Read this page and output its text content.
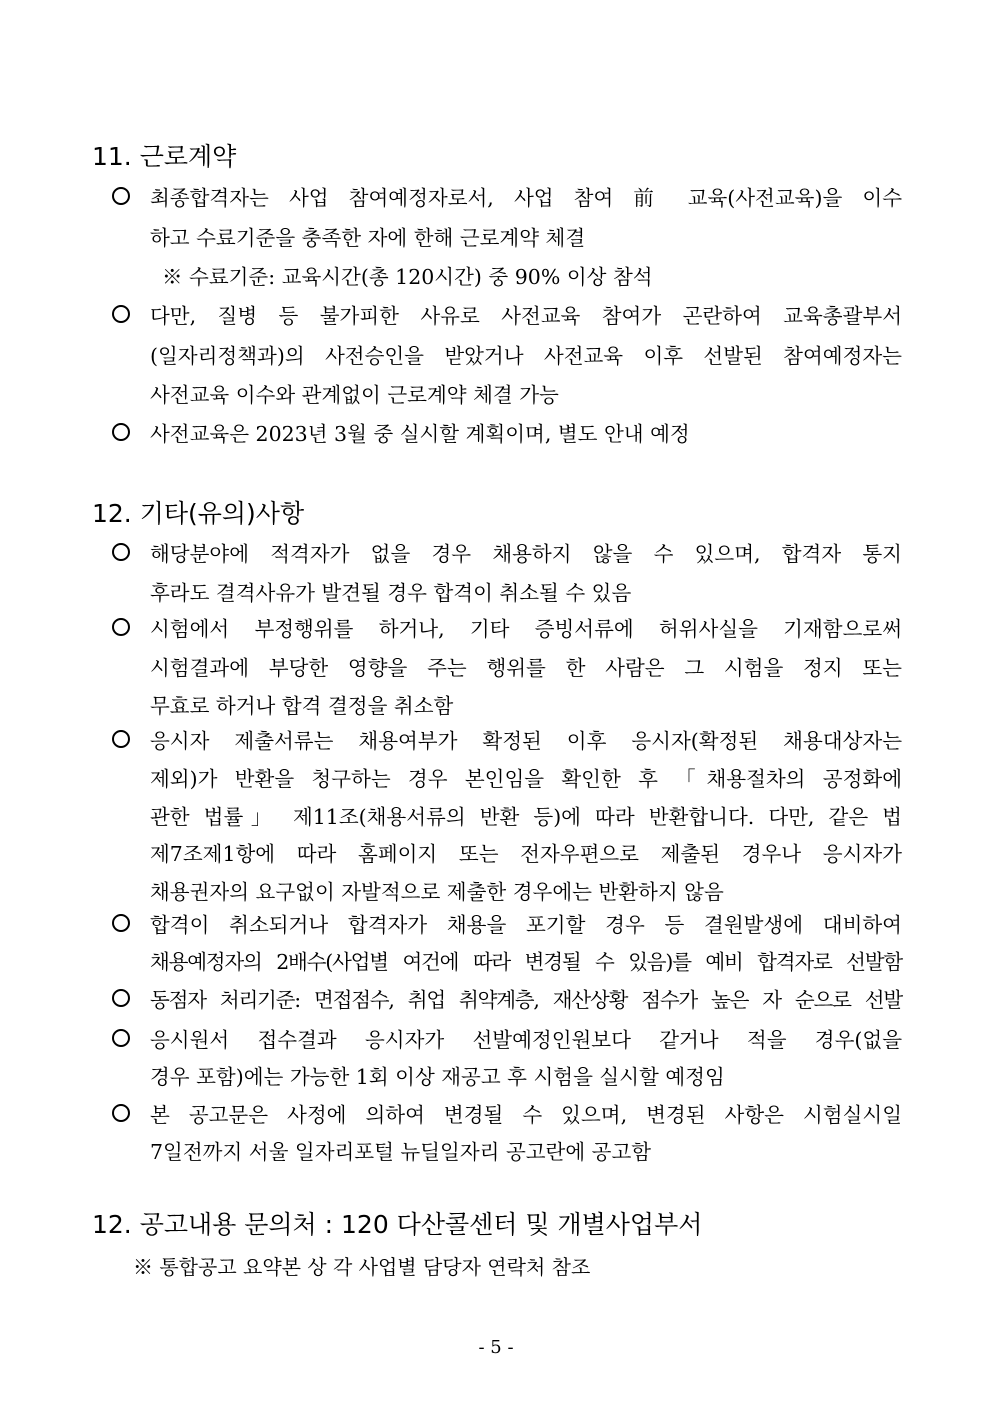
11. 근로계약
최종합격자는 사업 참여예정자로서, 사업 참여 前 교육(사전교육)을 이수
하고 수료기준을 충족한 자에 한해 근로계약 체결
※ 수료기준: 교육시간(총 120시간) 중 90% 이상 참석
다만, 질병 등 불가피한 사유로 사전교육 참여가 곤란하여 교육총괄부서
(일자리정책과)의 사전승인을 받았거나 사전교육 이후 선발된 참여예정자는
사전교육 이수와 관계없이 근로계약 체결 가능
사전교육은 2023년 3월 중 실시할 계획이며, 별도 안내 예정
12. 기타(유의)사항
해당분야에 적격자가 없을 경우 채용하지 않을 수 있으며, 합격자 통지
후라도 결격사유가 발견될 경우 합격이 취소될 수 있음
시험에서 부정행위를 하거나, 기타 증빙서류에 허위사실을 기재함으로써
시험결과에 부당한 영향을 주는 행위를 한 사람은 그 시험을 정지 또는
무효로 하거나 합격 결정을 취소함
응시자 제출서류는 채용여부가 확정된 이후 응시자(확정된 채용대상자는
제외)가 반환을 청구하는 경우 본인임을 확인한 후 「채용절차의 공정화에
관한 법률」 제11조(채용서류의 반환 등)에 따라 반환합니다. 다만, 같은 법
제7조제1항에 따라 홈페이지 또는 전자우편으로 제출된 경우나 응시자가
채용권자의 요구없이 자발적으로 제출한 경우에는 반환하지 않음
합격이 취소되거나 합격자가 채용을 포기할 경우 등 결원발생에 대비하여
채용예정자의 2배수(사업별 여건에 따라 변경될 수 있음)를 예비 합격자로 선발함
동점자 처리기준: 면접점수, 취업 취약계층, 재산상황 점수가 높은 자 순으로 선발
응시원서 접수결과 응시자가 선발예정인원보다 같거나 적을 경우(없을
경우 포함)에는 가능한 1회 이상 재공고 후 시험을 실시할 예정임
본 공고문은 사정에 의하여 변경될 수 있으며, 변경된 사항은 시험실시일
7일전까지 서울 일자리포털 뉴딜일자리 공고란에 공고함
12. 공고내용 문의처 : 120 다산콜센터 및 개별사업부서
※ 통합공고 요약본 상 각 사업별 담당자 연락처 참조
- 5 -
